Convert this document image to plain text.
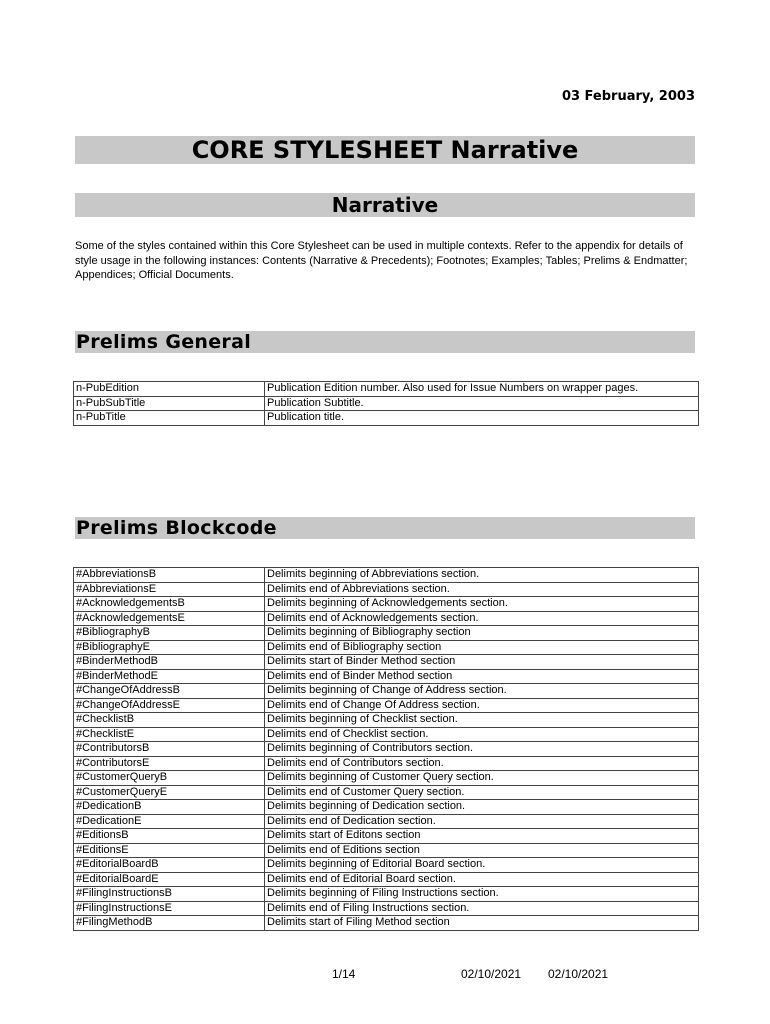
03 February, 2003
CORE STYLESHEET Narrative
Narrative

Some of the styles contained within this Core Stylesheet can be used in multiple contexts. Refer to the appendix for details of style usage in the following instances: Contents (Narrative & Precedents); Footnotes; Examples; Tables; Prelims & Endmatter; Appendices; Official Documents.

Prelims General
n-PubEdition	Publication Edition number. Also used for Issue Numbers on wrapper pages.
n-PubSubTitle	Publication Subtitle.
n-PubTitle	Publication title.
Prelims Blockcode
#AbbreviationsB	Delimits beginning of Abbreviations section.
#AbbreviationsE	Delimits end of Abbreviations section.
#AcknowledgementsB	Delimits beginning of Acknowledgements section.
#AcknowledgementsE	Delimits end of Acknowledgements section.
#BibliographyB	Delimits beginning of Bibliography section
#BibliographyE	Delimits end of Bibliography section
#BinderMethodB	Delimits start of Binder Method section
#BinderMethodE	Delimits end of Binder Method section
#ChangeOfAddressB	Delimits beginning of Change of Address section.
#ChangeOfAddressE	Delimits end of Change Of Address section.
#ChecklistB	Delimits beginning of Checklist section.
#ChecklistE	Delimits end of Checklist section.
#ContributorsB	Delimits beginning of Contributors section.
#ContributorsE	Delimits end of Contributors section.
#CustomerQueryB	Delimits beginning of Customer Query section.
#CustomerQueryE	Delimits end of Customer Query section.
#DedicationB	Delimits beginning of Dedication section.
#DedicationE	Delimits end of Dedication section.
#EditionsB	Delimits start of Editons section
#EditionsE	Delimits end of Editions section
#EditorialBoardB	Delimits beginning of Editorial Board section.
#EditorialBoardE	Delimits end of Editorial Board section.
#FilingInstructionsB	Delimits beginning of Filing Instructions section.
#FilingInstructionsE	Delimits end of Filing Instructions section.
#FilingMethodB	Delimits start of Filing Method section
1/14	02/10/2021 02/10/2021
